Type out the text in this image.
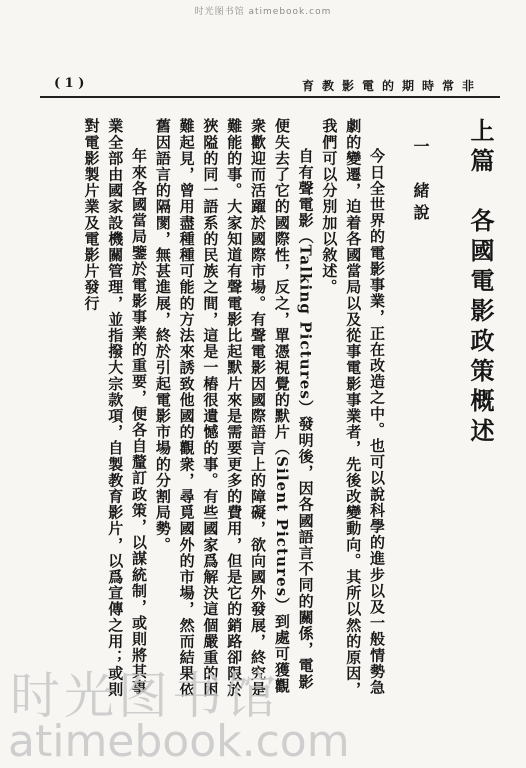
时光图书馆 atimebook.com
( 1 )	育教影電的期時常非
上篇　各國電影政策概述
一　緒說

今日全世界的電影事業，正在改造之中。也可以說科學的進步以及一般情勢急劇的變遷，迫着各國當局以及從事電影事業者，先後改變動向。其所以然的原因，我們可以分別加以敘述。

自有聲電影（Talking Pictures）發明後，因各國語言不同的關係，電影便失去了它的國際性，反之，單憑視覺的默片（Silent Pictures）到處可獲觀衆歡迎而活躍於國際市場。有聲電影因國際語言上的障礙，欲向國外發展，終究是難能的事。大家知道有聲電影比起默片來是需要更多的費用，但是它的銷路卻限於狹隘的同一語系的民族之間，這是一樁很遺憾的事。有些國家爲解決這個嚴重的困難起見，曾用盡種種可能的方法來誘致他國的觀衆，尋覓國外的市場，然而結果依舊因語言的隔閡，無甚進展，終於引起電影市場的分割局勢。

年來各國當局鑒於電影事業的重要，便各自釐訂政策，以謀統制，或則將其事業全部由國家設機關管理，並指撥大宗款項，自製教育影片，以爲宣傳之用；或則對電影製片業及電影片發行

时光图书馆
atimebook.com
